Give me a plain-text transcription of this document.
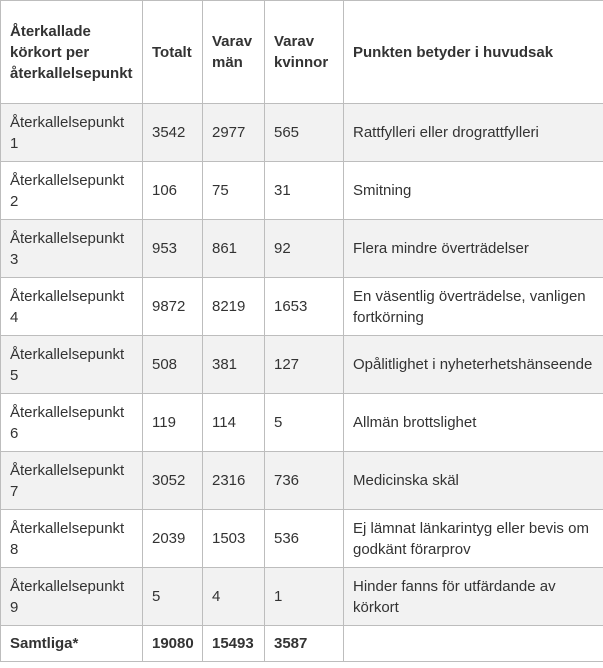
Återkallade körkort per återkallelsepunkt	Totalt	Varav män	Varav kvinnor	Punkten betyder i huvudsak
Återkallelsepunkt 1	3542	2977	565	Rattfylleri eller drograttfylleri
Återkallelsepunkt 2	106	75	31	Smitning
Återkallelsepunkt 3	953	861	92	Flera mindre överträdelser
Återkallelsepunkt 4	9872	8219	1653	En väsentlig överträdelse, vanligen fortkörning
Återkallelsepunkt 5	508	381	127	Opålitlighet i nyheterhetshänseende
Återkallelsepunkt 6	119	114	5	Allmän brottslighet
Återkallelsepunkt 7	3052	2316	736	Medicinska skäl
Återkallelsepunkt 8	2039	1503	536	Ej lämnat länkarintyg eller bevis om godkänt förarprov
Återkallelsepunkt 9	5	4	1	Hinder fanns för utfärdande av körkort
Samtliga*	19080	15493	3587	
